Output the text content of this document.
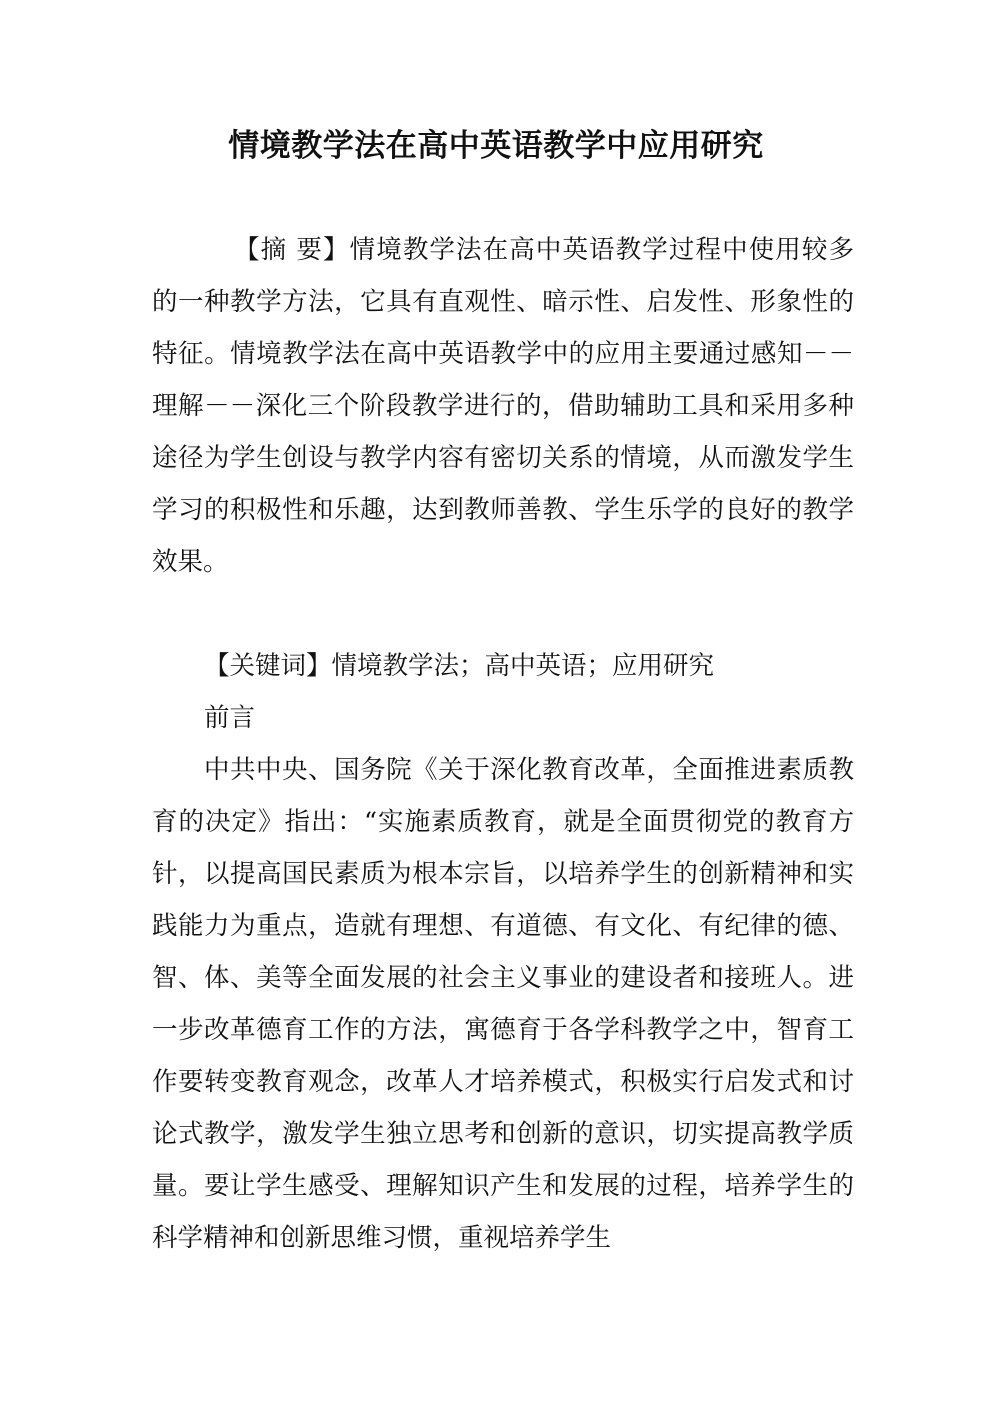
情境教学法在高中英语教学中应用研究
【摘 要】情境教学法在高中英语教学过程中使用较多的一种教学方法，它具有直观性、暗示性、启发性、形象性的特征。情境教学法在高中英语教学中的应用主要通过感知－－理解－－深化三个阶段教学进行的，借助辅助工具和采用多种途径为学生创设与教学内容有密切关系的情境，从而激发学生学习的积极性和乐趣，达到教师善教、学生乐学的良好的教学效果。
【关键词】情境教学法；高中英语；应用研究
前言
中共中央、国务院《关于深化教育改革，全面推进素质教育的决定》指出：“实施素质教育，就是全面贯彻党的教育方针，以提高国民素质为根本宗旨，以培养学生的创新精神和实践能力为重点，造就有理想、有道德、有文化、有纪律的德、智、体、美等全面发展的社会主义事业的建设者和接班人。进一步改革德育工作的方法，寓德育于各学科教学之中，智育工作要转变教育观念，改革人才培养模式，积极实行启发式和讨论式教学，激发学生独立思考和创新的意识，切实提高教学质量。要让学生感受、理解知识产生和发展的过程，培养学生的科学精神和创新思维习惯，重视培养学生
